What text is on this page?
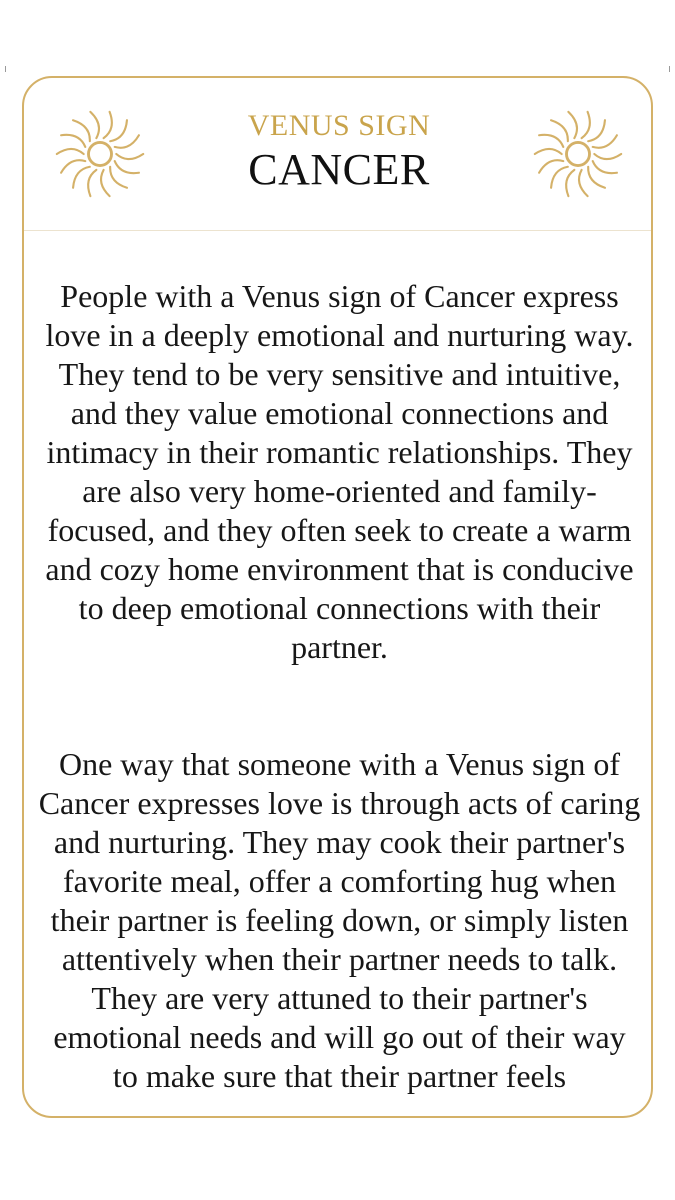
VENUS SIGN
CANCER

People with a Venus sign of Cancer express love in a deeply emotional and nurturing way. They tend to be very sensitive and intuitive, and they value emotional connections and intimacy in their romantic relationships. They are also very home-oriented and family-focused, and they often seek to create a warm and cozy home environment that is conducive to deep emotional connections with their partner.

One way that someone with a Venus sign of Cancer expresses love is through acts of caring and nurturing. They may cook their partner's favorite meal, offer a comforting hug when their partner is feeling down, or simply listen attentively when their partner needs to talk. They are very attuned to their partner's emotional needs and will go out of their way to make sure that their partner feels
